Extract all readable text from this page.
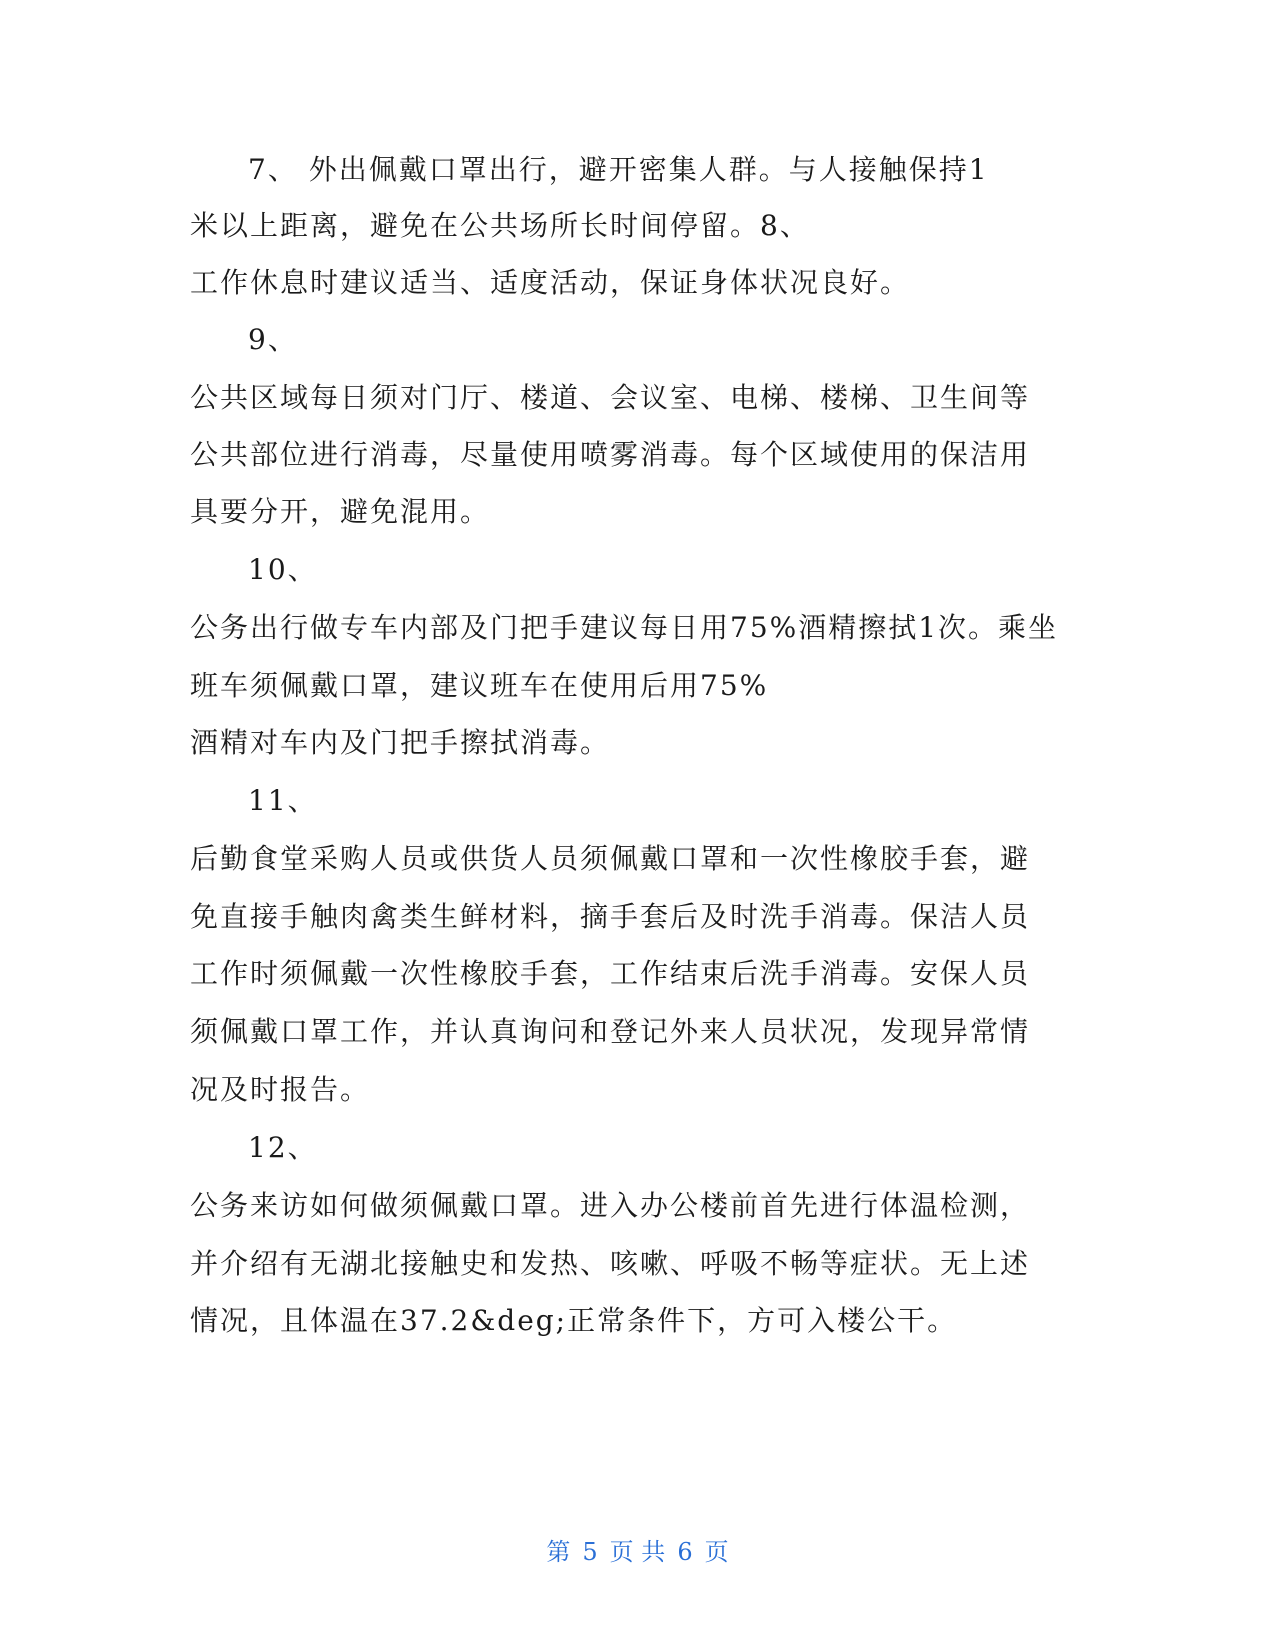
7、 外出佩戴口罩出行，避开密集人群。与人接触保持1
米以上距离，避免在公共场所长时间停留。8、
工作休息时建议适当、适度活动，保证身体状况良好。
9、
公共区域每日须对门厅、楼道、会议室、电梯、楼梯、卫生间等
公共部位进行消毒，尽量使用喷雾消毒。每个区域使用的保洁用
具要分开，避免混用。
10、
公务出行做专车内部及门把手建议每日用75%酒精擦拭1次。乘坐
班车须佩戴口罩，建议班车在使用后用75%
酒精对车内及门把手擦拭消毒。
11、
后勤食堂采购人员或供货人员须佩戴口罩和一次性橡胶手套，避
免直接手触肉禽类生鲜材料，摘手套后及时洗手消毒。保洁人员
工作时须佩戴一次性橡胶手套，工作结束后洗手消毒。安保人员
须佩戴口罩工作，并认真询问和登记外来人员状况，发现异常情
况及时报告。
12、
公务来访如何做须佩戴口罩。进入办公楼前首先进行体温检测，
并介绍有无湖北接触史和发热、咳嗽、呼吸不畅等症状。无上述
情况，且体温在37.2&deg;正常条件下，方可入楼公干。
第 5 页 共 6 页
